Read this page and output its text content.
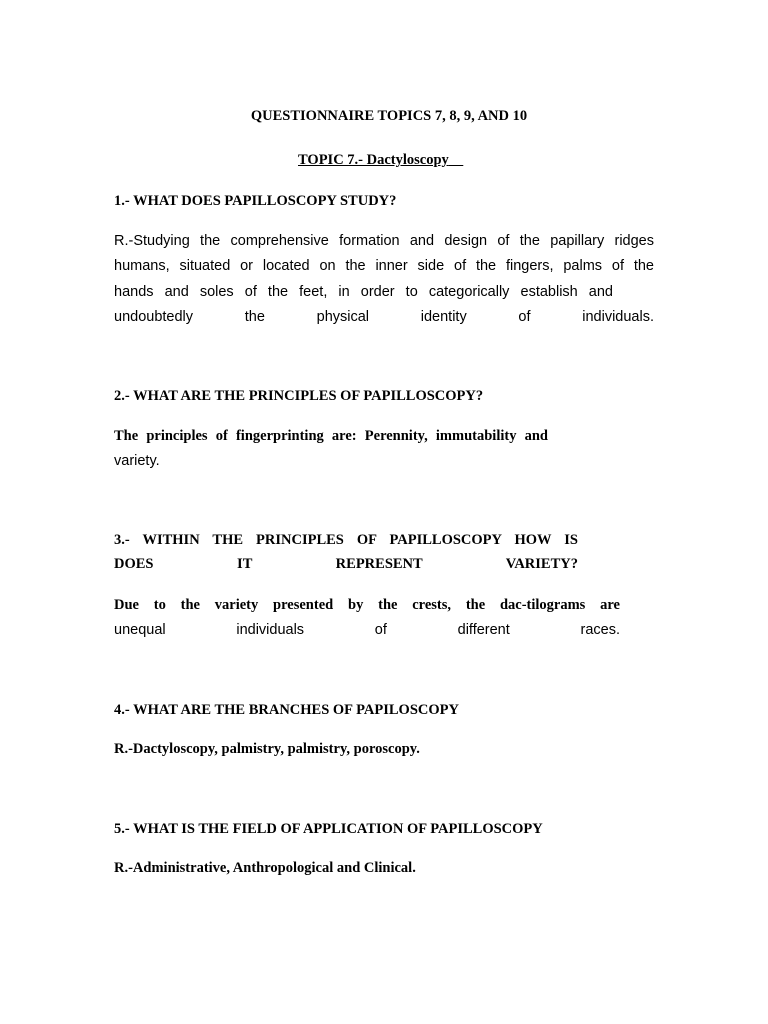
QUESTIONNAIRE TOPICS 7, 8, 9, AND 10
TOPIC 7.- Dactyloscopy
1.- WHAT DOES PAPILLOSCOPY STUDY?
R.-Studying the comprehensive formation and design of the papillary ridges
humans, situated or located on the inner side of the fingers, palms of the
hands and soles of the feet, in order to categorically establish and
undoubtedly the physical identity of individuals.
2.- WHAT ARE THE PRINCIPLES OF PAPILLOSCOPY?
The principles of fingerprinting are: Perennity, immutability and
variety.
3.- WITHIN THE PRINCIPLES OF PAPILLOSCOPY HOW IS
DOES IT REPRESENT VARIETY?
Due to the variety presented by the crests, the dac-tilograms are
unequal individuals of different races.
4.- WHAT ARE THE BRANCHES OF PAPILOSCOPY
R.-Dactyloscopy, palmistry, palmistry, poroscopy.
5.- WHAT IS THE FIELD OF APPLICATION OF PAPILLOSCOPY
R.-Administrative, Anthropological and Clinical.
